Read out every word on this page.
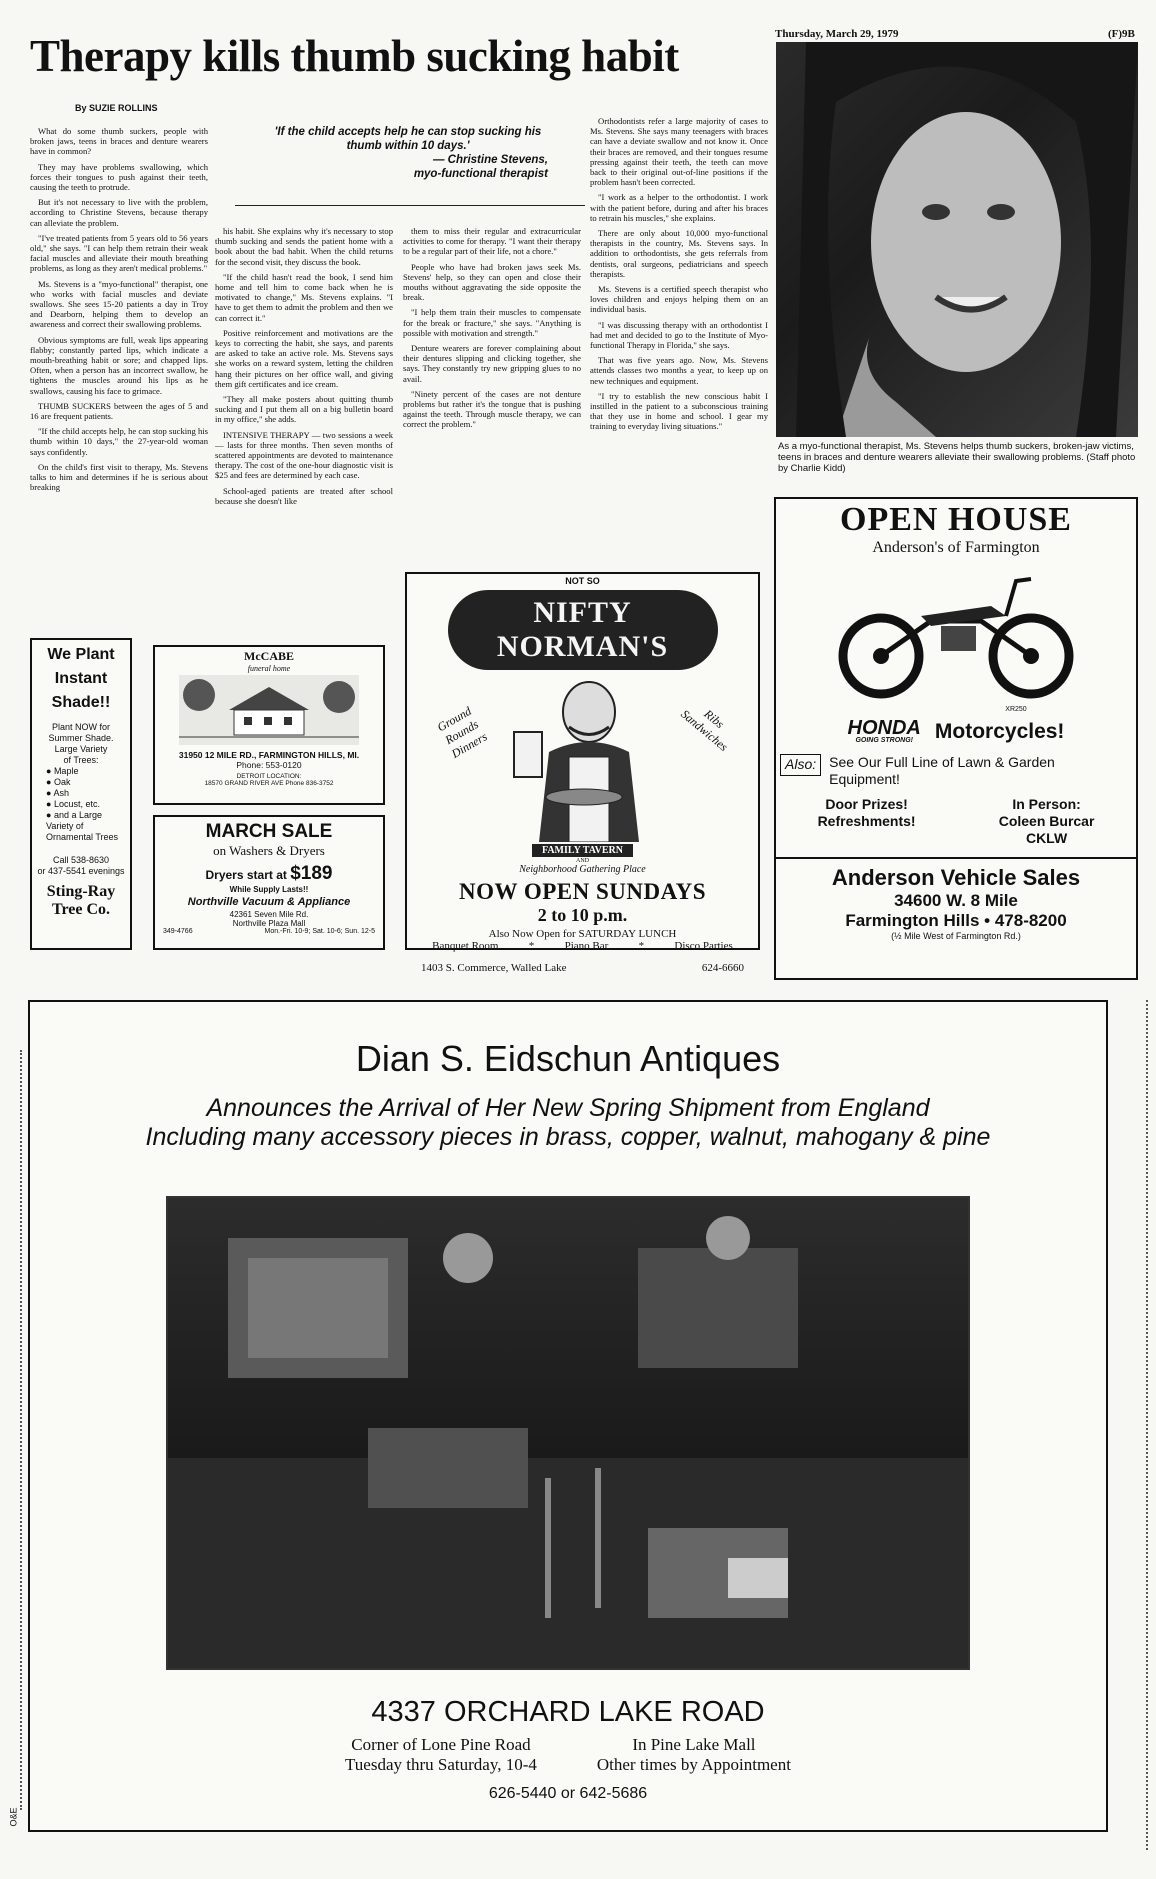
Thursday, March 29, 1979	(F)9B
Therapy kills thumb sucking habit
By SUZIE ROLLINS
'If the child accepts help he can stop sucking his thumb within 10 days.'
— Christine Stevens,
myo-functional therapist

What do some thumb suckers, people with broken jaws, teens in braces and denture wearers have in common?

They may have problems swallowing, which forces their tongues to push against their teeth, causing the teeth to protrude.

But it's not necessary to live with the problem, according to Christine Stevens, because therapy can alleviate the problem.

"I've treated patients from 5 years old to 56 years old," she says. "I can help them retrain their weak facial muscles and alleviate their mouth breathing problems, as long as they aren't medical problems."

Ms. Stevens is a "myo-functional" therapist, one who works with facial muscles and deviate swallows. She sees 15-20 patients a day in Troy and Dearborn, helping them to develop an awareness and correct their swallowing problems.

Obvious symptoms are full, weak lips appearing flabby; constantly parted lips, which indicate a mouth-breathing habit or sore; and chapped lips. Often, when a person has an incorrect swallow, he tightens the muscles around his lips as he swallows, causing his face to grimace.

THUMB SUCKERS between the ages of 5 and 16 are frequent patients.

"If the child accepts help, he can stop sucking his thumb within 10 days," the 27-year-old woman says confidently.

On the child's first visit to therapy, Ms. Stevens talks to him and determines if he is serious about breaking

his habit. She explains why it's necessary to stop thumb sucking and sends the patient home with a book about the bad habit. When the child returns for the second visit, they discuss the book.

"If the child hasn't read the book, I send him home and tell him to come back when he is motivated to change," Ms. Stevens explains. "I have to get them to admit the problem and then we can correct it."

Positive reinforcement and motivations are the keys to correcting the habit, she says, and parents are asked to take an active role. Ms. Stevens says she works on a reward system, letting the children hang their pictures on her office wall, and giving them gift certificates and ice cream.

"They all make posters about quitting thumb sucking and I put them all on a big bulletin board in my office," she adds.

INTENSIVE THERAPY — two sessions a week — lasts for three months. Then seven months of scattered appointments are devoted to maintenance therapy. The cost of the one-hour diagnostic visit is $25 and fees are determined by each case.

School-aged patients are treated after school because she doesn't like

them to miss their regular and extracurricular activities to come for therapy. "I want their therapy to be a regular part of their life, not a chore."

People who have had broken jaws seek Ms. Stevens' help, so they can open and close their mouths without aggravating the side opposite the break.

"I help them train their muscles to compensate for the break or fracture," she says. "Anything is possible with motivation and strength."

Denture wearers are forever complaining about their dentures slipping and clicking together, she says. They constantly try new gripping glues to no avail.

"Ninety percent of the cases are not denture problems but rather it's the tongue that is pushing against the teeth. Through muscle therapy, we can correct the problem."

Orthodontists refer a large majority of cases to Ms. Stevens. She says many teenagers with braces can have a deviate swallow and not know it. Once their braces are removed, and their tongues resume pressing against their teeth, the teeth can move back to their original out-of-line positions if the problem hasn't been corrected.

"I work as a helper to the orthodontist. I work with the patient before, during and after his braces to retrain his muscles," she explains.

There are only about 10,000 myo-functional therapists in the country, Ms. Stevens says. In addition to orthodontists, she gets referrals from dentists, oral surgeons, pediatricians and speech therapists.

Ms. Stevens is a certified speech therapist who loves children and enjoys helping them on an individual basis.

"I was discussing therapy with an orthodontist I had met and decided to go to the Institute of Myo-functional Therapy in Florida," she says.

That was five years ago. Now, Ms. Stevens attends classes two months a year, to keep up on new techniques and equipment.

"I try to establish the new conscious habit I instilled in the patient to a subconscious training that they use in home and school. I gear my training to everyday living situations."

As a myo-functional therapist, Ms. Stevens helps thumb suckers, broken-jaw victims, teens in braces and denture wearers alleviate their swallowing problems. (Staff photo by Charlie Kidd)
We Plant
Instant
Shade!!
Plant NOW for
Summer Shade.
Large Variety
of Trees:
● Maple
● Oak
● Ash
● Locust, etc.
● and a Large Variety of Ornamental Trees
Call 538-8630
or 437-5541 evenings
Sting-Ray
Tree Co.
McCABE
funeral home
31950 12 MILE RD., FARMINGTON HILLS, MI.
Phone: 553-0120
DETROIT LOCATION:
18570 GRAND RIVER AVE Phone 836-3752
MARCH SALE
on Washers & Dryers
Dryers start at $189
While Supply Lasts!!
Northville Vacuum & Appliance
42361 Seven Mile Rd.
Northville Plaza Mall
349-4766	Mon.-Fri. 10-9; Sat. 10-6; Sun. 12-5
NOT SO
NIFTY NORMAN'S
Ground Rounds Dinners
Ribs Sandwiches
FAMILY TAVERN
AND
Neighborhood Gathering Place
NOW OPEN SUNDAYS
2 to 10 p.m.
Also Now Open for SATURDAY LUNCH
Banquet Room	*	Piano Bar	*	Disco Parties
1403 S. Commerce, Walled Lake	624-6660
OPEN HOUSE
Anderson's of Farmington
XR250
HONDA
GOING STRONG!	Motorcycles!
Also: See Our Full Line of Lawn & Garden Equipment!
Door Prizes!
Refreshments!
In Person:
Coleen Burcar
CKLW
Anderson Vehicle Sales
34600 W. 8 Mile
Farmington Hills • 478-8200
(½ Mile West of Farmington Rd.)
Dian S. Eidschun Antiques
Announces the Arrival of Her New Spring Shipment from England
Including many accessory pieces in brass, copper, walnut, mahogany & pine
4337 ORCHARD LAKE ROAD
Corner of Lone Pine Road
Tuesday thru Saturday, 10-4
In Pine Lake Mall
Other times by Appointment
626-5440 or 642-5686
O&E
